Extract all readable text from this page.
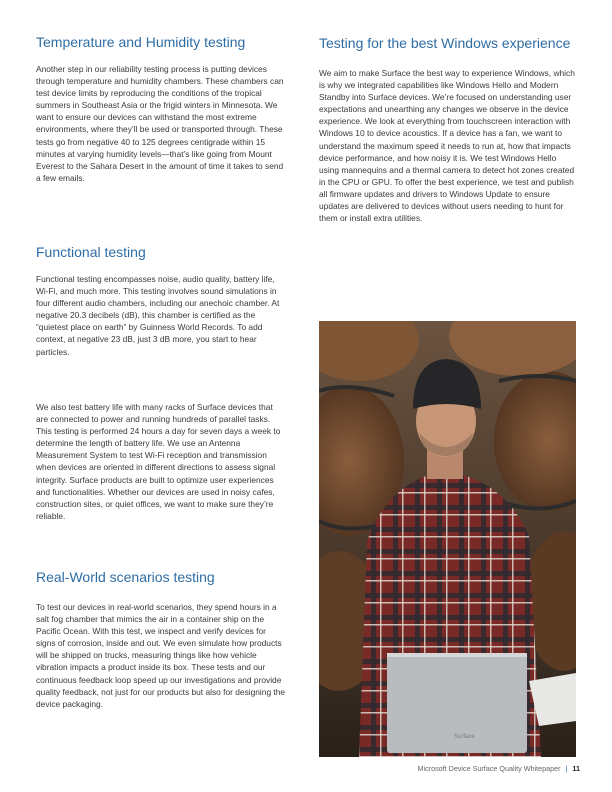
Temperature and Humidity testing

Another step in our reliability testing process is putting devices through temperature and humidity chambers. These chambers can test device limits by reproducing the conditions of the tropical summers in Southeast Asia or the frigid winters in Minnesota. We want to ensure our devices can withstand the most extreme environments, where they’ll be used or transported through. These tests go from negative 40 to 125 degrees centigrade within 15 minutes at varying humidity levels—that’s like going from Mount Everest to the Sahara Desert in the amount of time it takes to send a few emails.

Functional testing

Functional testing encompasses noise, audio quality, battery life, Wi-Fi, and much more. This testing involves sound simulations in four different audio chambers, including our anechoic chamber. At negative 20.3 decibels (dB), this chamber is certified as the “quietest place on earth” by Guinness World Records. To add context, at negative 23 dB, just 3 dB more, you start to hear particles.

We also test battery life with many racks of Surface devices that are connected to power and running hundreds of parallel tasks. This testing is performed 24 hours a day for seven days a week to determine the length of battery life. We use an Antenna Measurement System to test Wi-Fi reception and transmission when devices are oriented in different directions to assess signal integrity. Surface products are built to optimize user experiences and functionalities. Whether our devices are used in noisy cafes, construction sites, or quiet offices, we want to make sure they’re reliable.

Real-World scenarios testing

To test our devices in real-world scenarios, they spend hours in a salt fog chamber that mimics the air in a container ship on the Pacific Ocean. With this test, we inspect and verify devices for signs of corrosion, inside and out. We even simulate how products will be shipped on trucks, measuring things like how vehicle vibration impacts a product inside its box. These tests and our continuous feedback loop speed up our investigations and provide quality feedback, not just for our products but also for designing the device packaging.

Testing for the best Windows experience

We aim to make Surface the best way to experience Windows, which is why we integrated capabilities like Windows Hello and Modern Standby into Surface devices. We’re focused on understanding user expectations and unearthing any changes we observe in the device experience. We look at everything from touchscreen interaction with Windows 10 to device acoustics. If a device has a fan, we want to understand the maximum speed it needs to run at, how that impacts device performance, and how noisy it is. We test Windows Hello using mannequins and a thermal camera to detect hot zones created in the CPU or GPU. To offer the best experience, we test and publish all firmware updates and drivers to Windows Update to ensure updates are delivered to devices without users needing to hunt for them or install extra utilities.

Surface
Microsoft Device Surface Quality Whitepaper | 11
